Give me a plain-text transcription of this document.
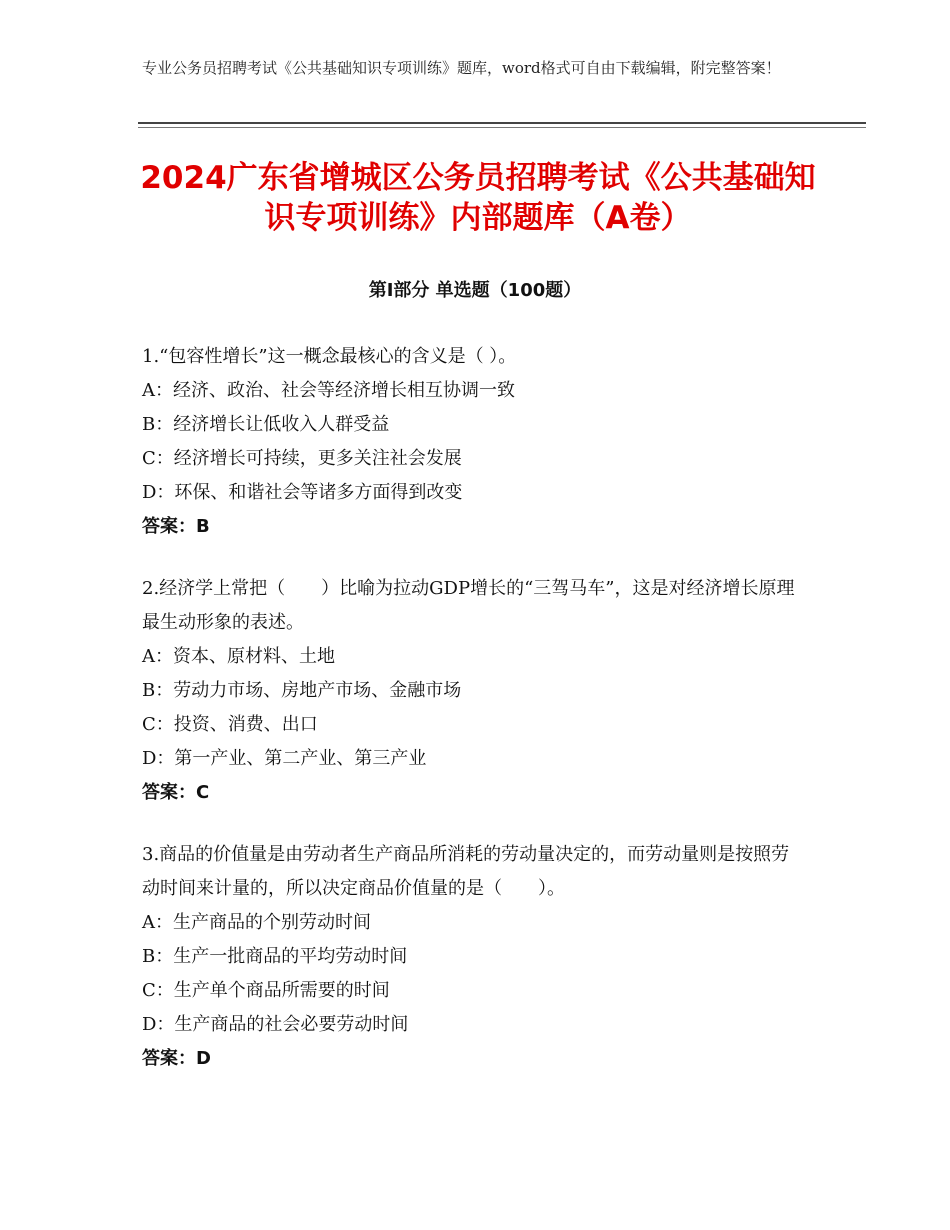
专业公务员招聘考试《公共基础知识专项训练》题库，word格式可自由下载编辑，附完整答案！
2024广东省增城区公务员招聘考试《公共基础知识专项训练》内部题库（A卷）
第Ⅰ部分 单选题（100题）
1.“包容性增长”这一概念最核心的含义是（ ）。
A：经济、政治、社会等经济增长相互协调一致
B：经济增长让低收入人群受益
C：经济增长可持续，更多关注社会发展
D：环保、和谐社会等诸多方面得到改变
答案：B
2.经济学上常把（　　）比喻为拉动GDP增长的“三驾马车”，这是对经济增长原理最生动形象的表述。
A：资本、原材料、土地
B：劳动力市场、房地产市场、金融市场
C：投资、消费、出口
D：第一产业、第二产业、第三产业
答案：C
3.商品的价值量是由劳动者生产商品所消耗的劳动量决定的，而劳动量则是按照劳动时间来计量的，所以决定商品价值量的是（　　）。
A：生产商品的个别劳动时间
B：生产一批商品的平均劳动时间
C：生产单个商品所需要的时间
D：生产商品的社会必要劳动时间
答案：D
